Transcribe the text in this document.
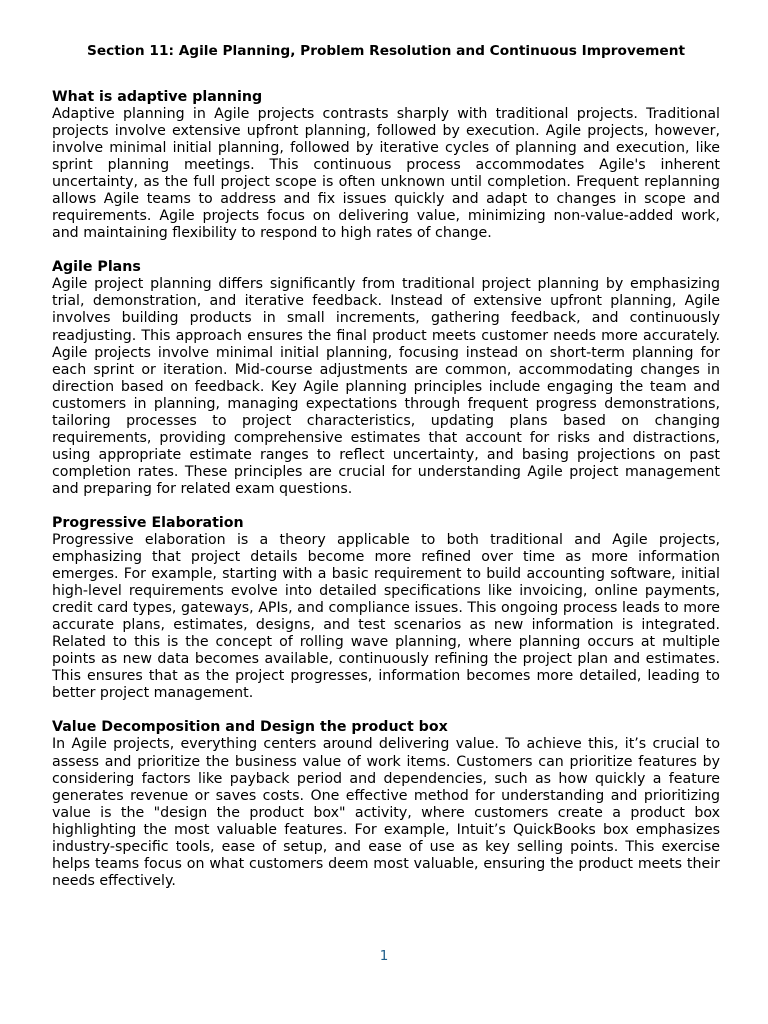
Section 11: Agile Planning, Problem Resolution and Continuous Improvement
What is adaptive planning
Adaptive planning in Agile projects contrasts sharply with traditional projects. Traditional projects involve extensive upfront planning, followed by execution. Agile projects, however, involve minimal initial planning, followed by iterative cycles of planning and execution, like sprint planning meetings. This continuous process accommodates Agile's inherent uncertainty, as the full project scope is often unknown until completion. Frequent replanning allows Agile teams to address and fix issues quickly and adapt to changes in scope and requirements. Agile projects focus on delivering value, minimizing non-value-added work, and maintaining flexibility to respond to high rates of change.
Agile Plans
Agile project planning differs significantly from traditional project planning by emphasizing trial, demonstration, and iterative feedback. Instead of extensive upfront planning, Agile involves building products in small increments, gathering feedback, and continuously readjusting. This approach ensures the final product meets customer needs more accurately. Agile projects involve minimal initial planning, focusing instead on short-term planning for each sprint or iteration. Mid-course adjustments are common, accommodating changes in direction based on feedback. Key Agile planning principles include engaging the team and customers in planning, managing expectations through frequent progress demonstrations, tailoring processes to project characteristics, updating plans based on changing requirements, providing comprehensive estimates that account for risks and distractions, using appropriate estimate ranges to reflect uncertainty, and basing projections on past completion rates. These principles are crucial for understanding Agile project management and preparing for related exam questions.
Progressive Elaboration
Progressive elaboration is a theory applicable to both traditional and Agile projects, emphasizing that project details become more refined over time as more information emerges. For example, starting with a basic requirement to build accounting software, initial high-level requirements evolve into detailed specifications like invoicing, online payments, credit card types, gateways, APIs, and compliance issues. This ongoing process leads to more accurate plans, estimates, designs, and test scenarios as new information is integrated. Related to this is the concept of rolling wave planning, where planning occurs at multiple points as new data becomes available, continuously refining the project plan and estimates. This ensures that as the project progresses, information becomes more detailed, leading to better project management.
Value Decomposition and Design the product box
In Agile projects, everything centers around delivering value. To achieve this, it’s crucial to assess and prioritize the business value of work items. Customers can prioritize features by considering factors like payback period and dependencies, such as how quickly a feature generates revenue or saves costs. One effective method for understanding and prioritizing value is the "design the product box" activity, where customers create a product box highlighting the most valuable features. For example, Intuit’s QuickBooks box emphasizes industry-specific tools, ease of setup, and ease of use as key selling points. This exercise helps teams focus on what customers deem most valuable, ensuring the product meets their needs effectively.
1
